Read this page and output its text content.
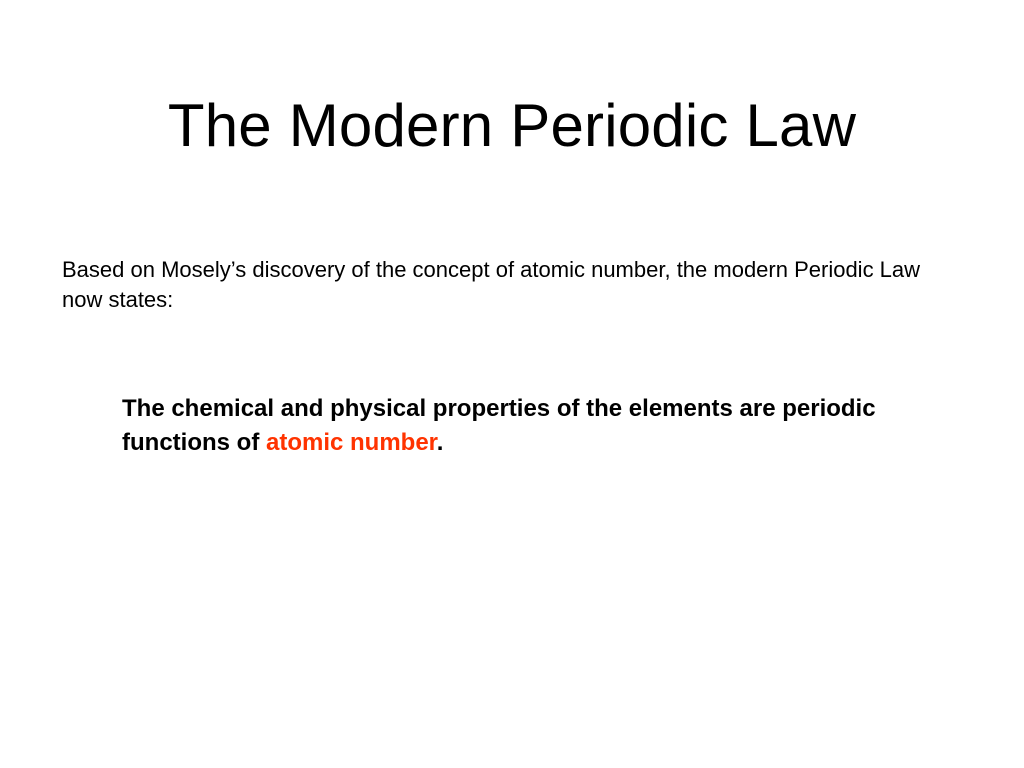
The Modern Periodic Law

Based on Mosely’s discovery of the concept of atomic number, the modern Periodic Law now states:

The chemical and physical properties of the elements are periodic functions of atomic number.
